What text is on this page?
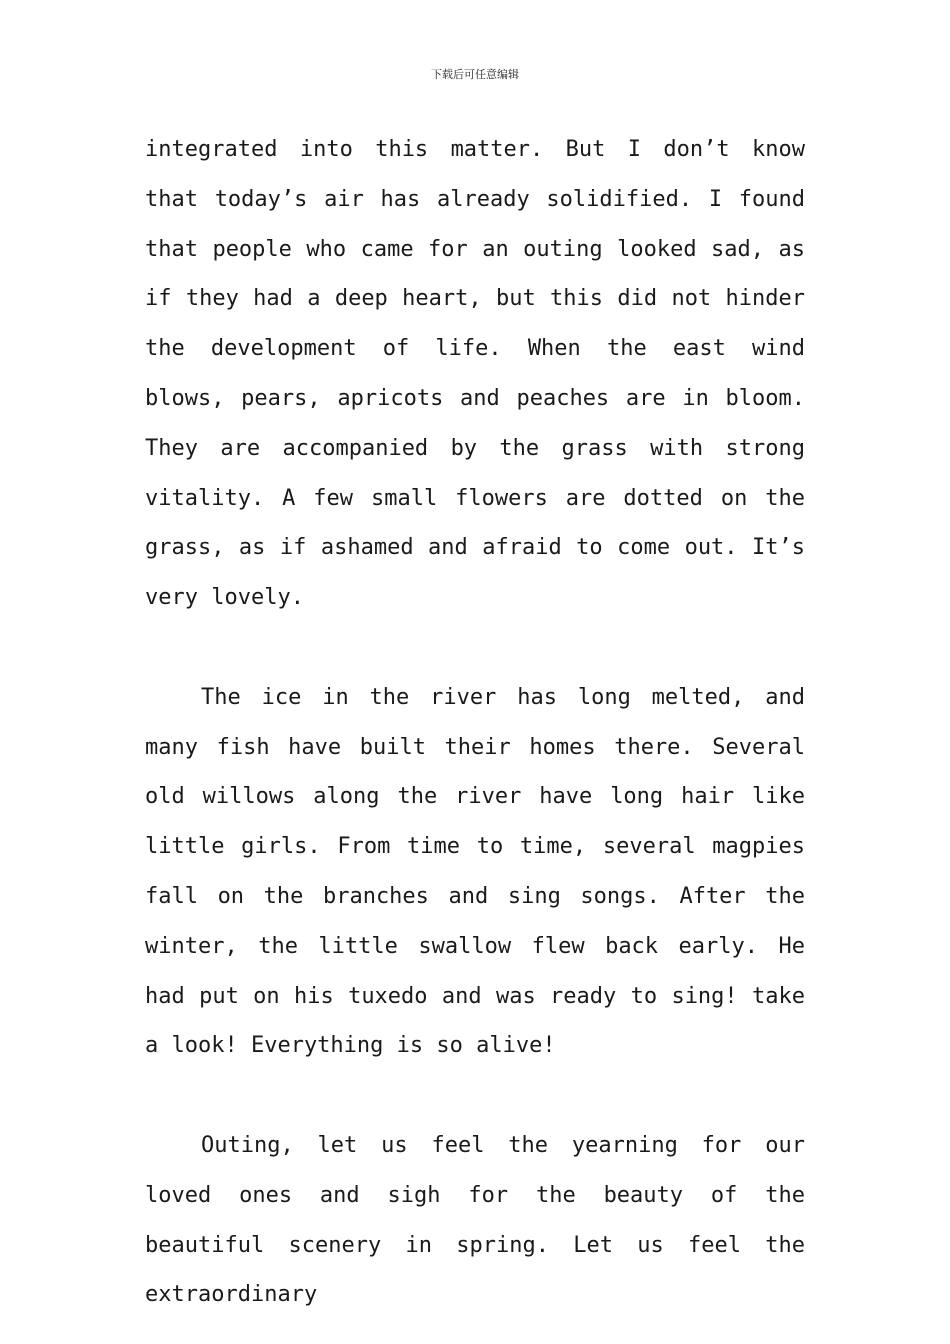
下载后可任意编辑

integrated into this matter. But I don’t know that today’s air has already solidified. I found that people who came for an outing looked sad, as if they had a deep heart, but this did not hinder the development of life. When the east wind blows, pears, apricots and peaches are in bloom. They are accompanied by the grass with strong vitality. A few small flowers are dotted on the grass, as if ashamed and afraid to come out. It’s very lovely.

The ice in the river has long melted, and many fish have built their homes there. Several old willows along the river have long hair like little girls. From time to time, several magpies fall on the branches and sing songs. After the winter, the little swallow flew back early. He had put on his tuxedo and was ready to sing! take a look! Everything is so alive!

Outing, let us feel the yearning for our loved ones and sigh for the beauty of the beautiful scenery in spring. Let us feel the extraordinary
